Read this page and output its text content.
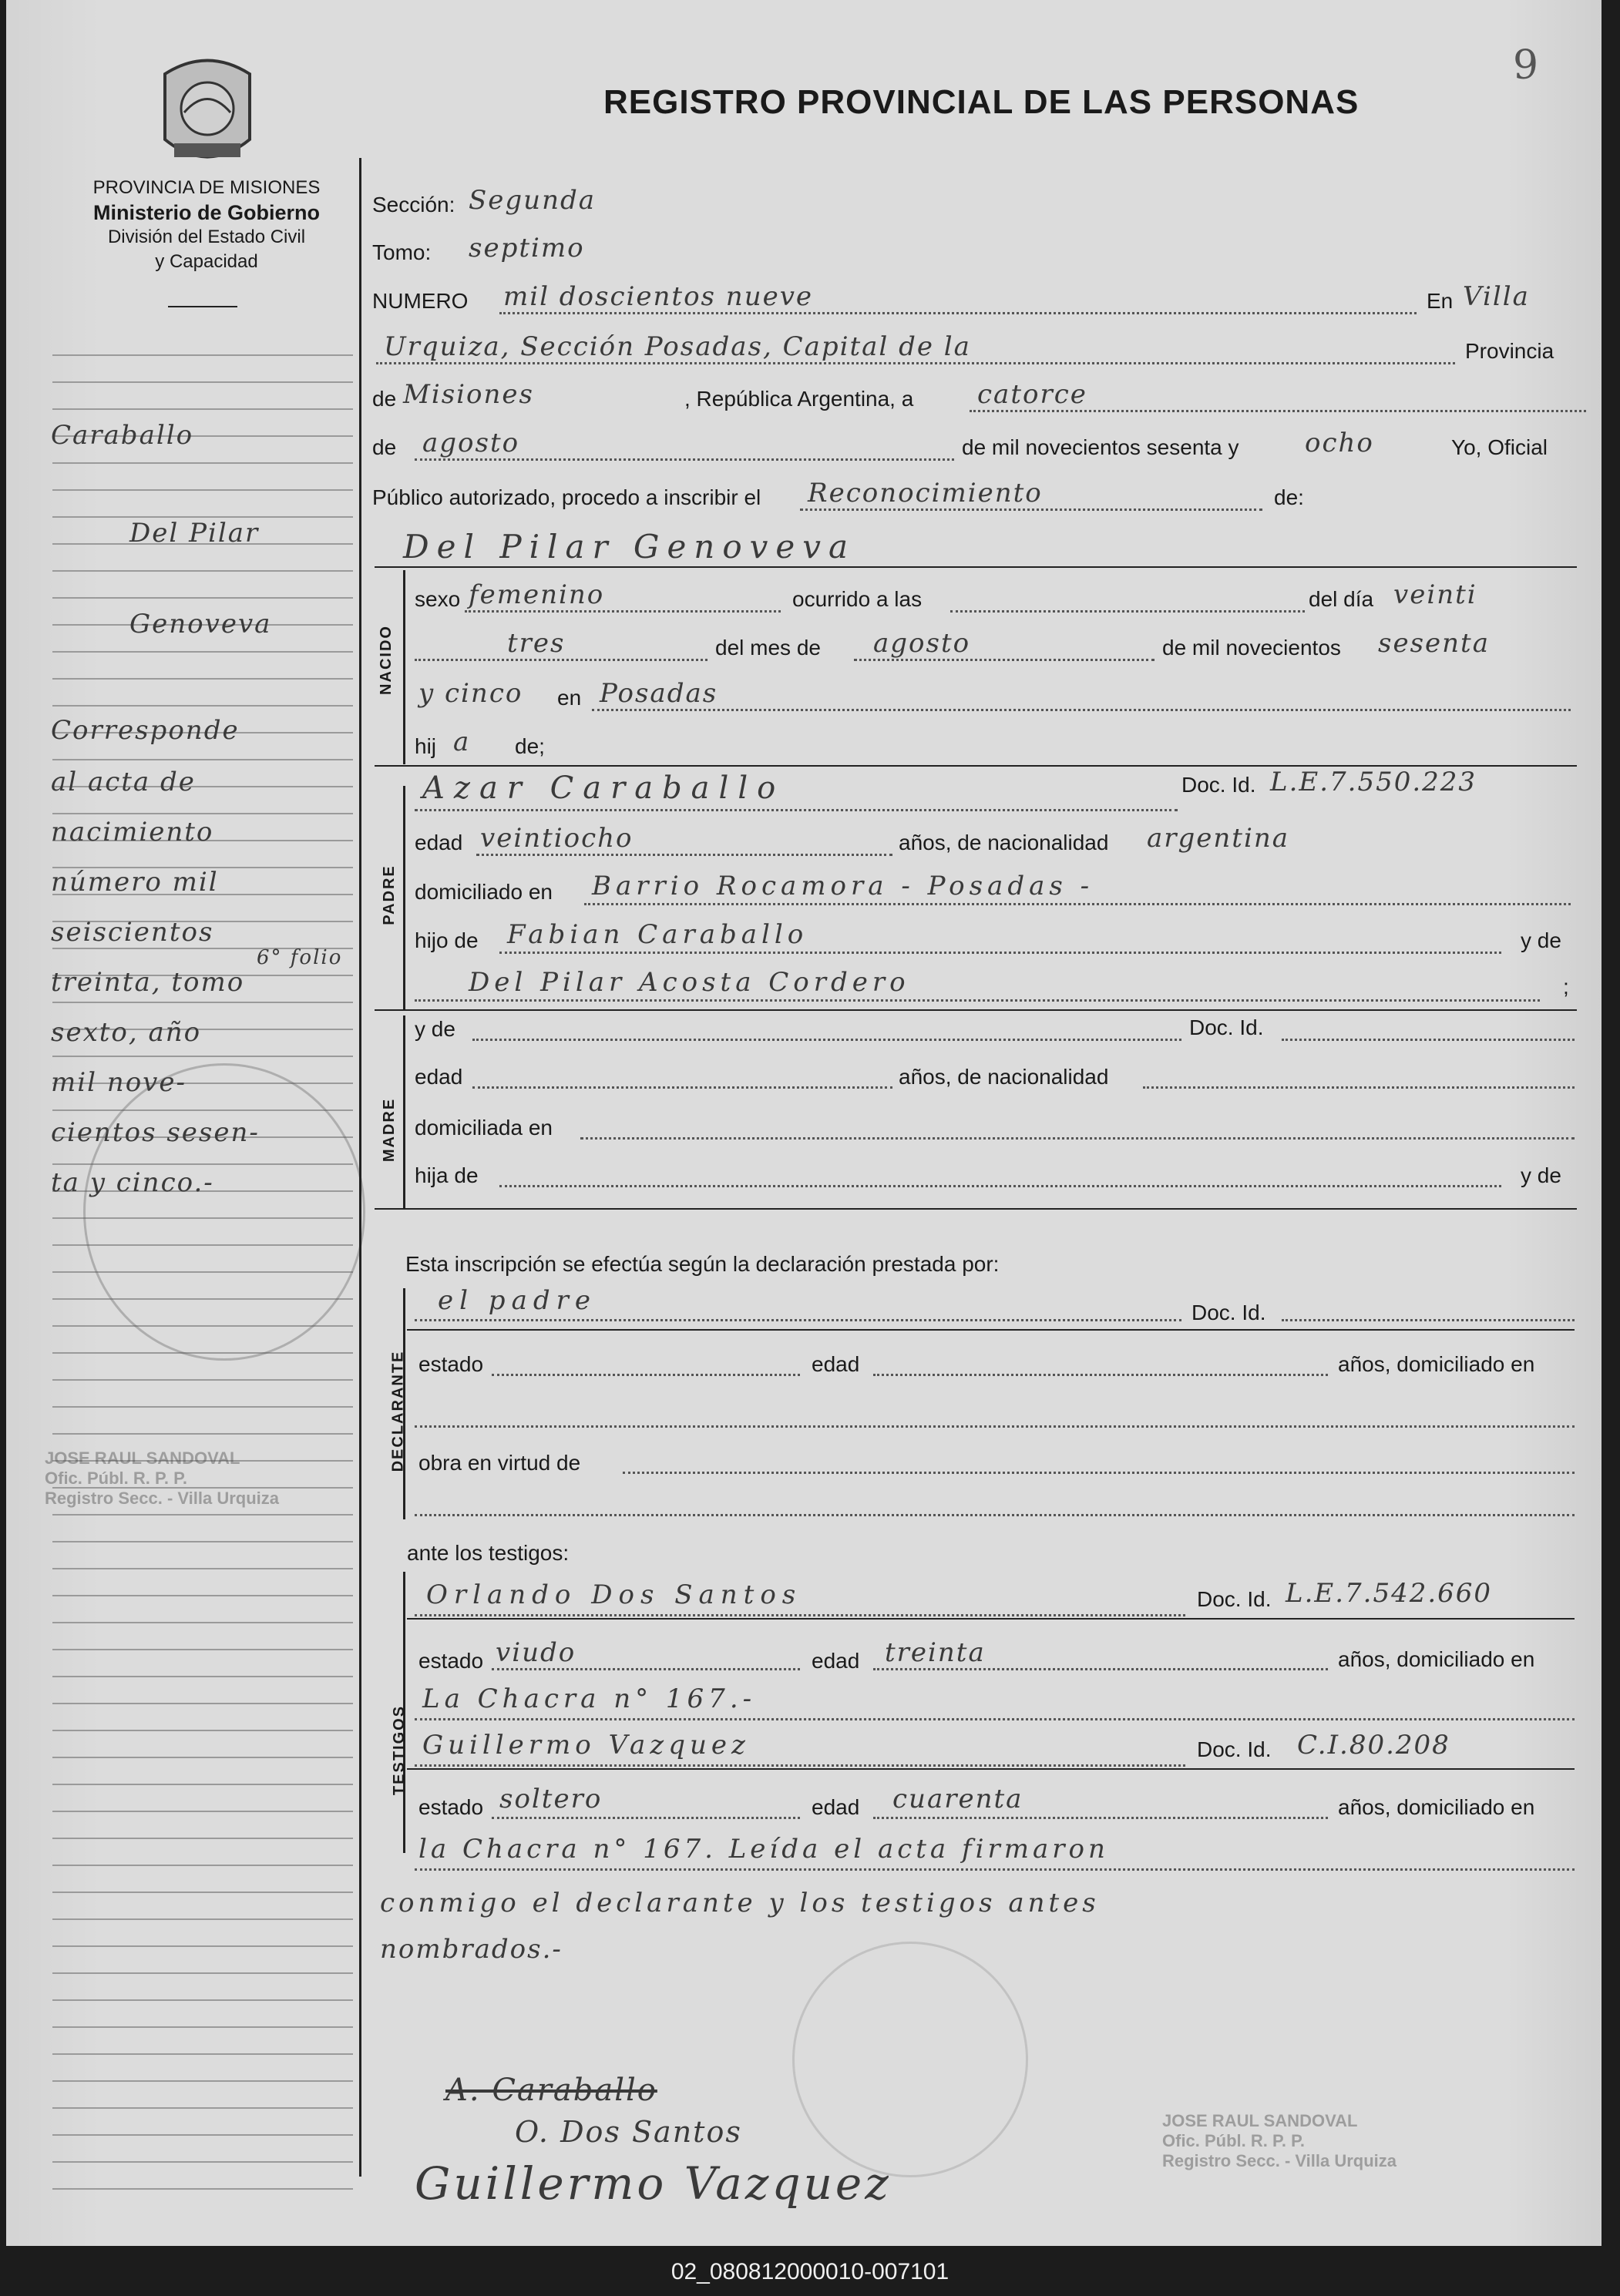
9
REGISTRO PROVINCIAL DE LAS PERSONAS
PROVINCIA DE MISIONES
Ministerio de Gobierno
División del Estado Civil
y Capacidad
Caraballo
Del Pilar
Genoveva
Corresponde
al acta de
nacimiento
número mil
seiscientos
treinta, tomo
6° folio
sexto, año
mil nove-
cientos sesen-
ta y cinco.-
JOSE RAUL SANDOVAL
Ofic. Públ. R. P. P.
Registro Secc. - Villa Urquiza
Sección: Segunda
Tomo: septimo
NUMERO mil doscientos nueve	En Villa
Urquiza, Sección Posadas, Capital de la	Provincia
de Misiones	, República Argentina, a catorce
de agosto	de mil novecientos sesenta y	ocho	Yo, Oficial
Público autorizado, procedo a inscribir el Reconocimiento	de:
Del Pilar Genoveva
NACIDO
sexo femenino	ocurrido a las	del día veinti
tres	del mes de agosto	de mil novecientos sesenta
y cinco en Posadas
hij a de;
PADRE
Azar Caraballo	Doc. Id. L.E.7.550.223
edad veintiocho	años, de nacionalidad argentina
domiciliado en Barrio Rocamora - Posadas -
hijo de Fabian Caraballo	y de
Del Pilar Acosta Cordero	;
MADRE
y de	Doc. Id.
edad	años, de nacionalidad
domiciliada en
hija de	y de
Esta inscripción se efectúa según la declaración prestada por:
DECLARANTE
el padre	Doc. Id.
estado	edad	años, domiciliado en
obra en virtud de
ante los testigos:
TESTIGOS
Orlando Dos Santos	Doc. Id. L.E.7.542.660
estado viudo	edad treinta	años, domiciliado en
La Chacra n° 167.-
Guillermo Vazquez	Doc. Id. C.I.80.208
estado soltero	edad cuarenta	años, domiciliado en
la Chacra n° 167. Leída el acta firmaron
conmigo el declarante y los testigos antes
nombrados.-
A. Caraballo
O. Dos Santos
Guillermo Vazquez
JOSE RAUL SANDOVAL
Ofic. Públ. R. P. P.
Registro Secc. - Villa Urquiza
02_080812000010-007101
